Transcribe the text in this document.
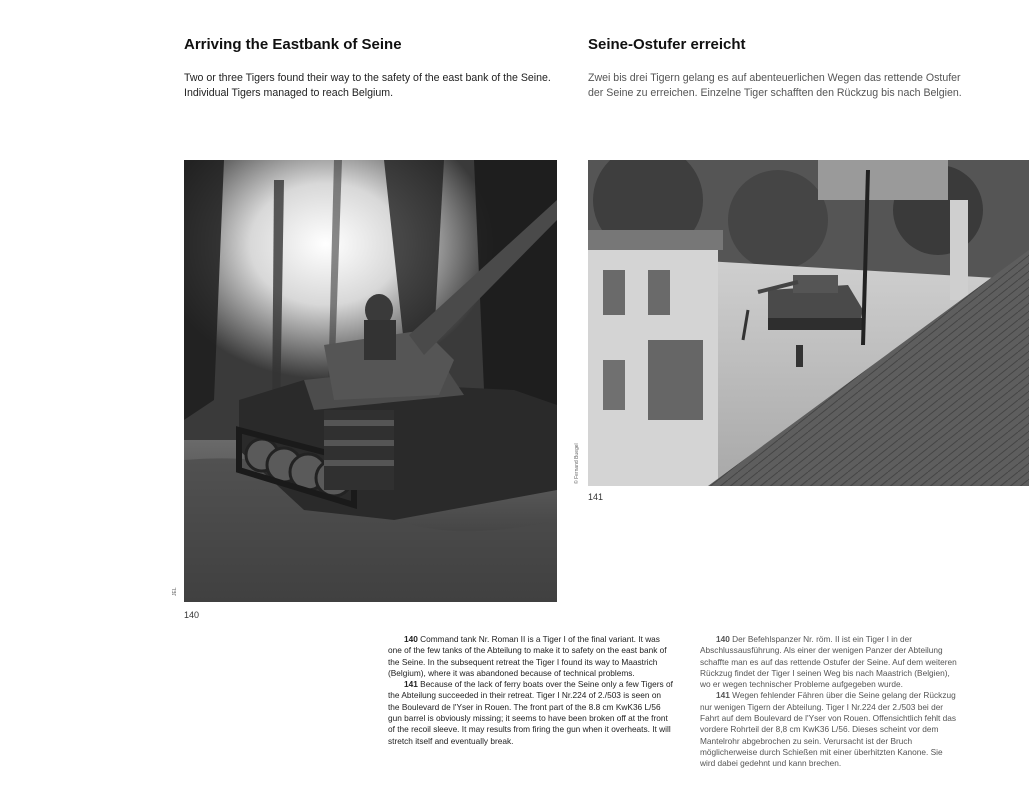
Arriving the Eastbank of Seine	Seine-Ostufer erreicht
Two or three Tigers found their way to the safety of the east bank of the Seine. Individual Tigers managed to reach Belgium.
Zwei bis drei Tigern gelang es auf abenteuerlichen Wegen das rettende Ostufer der Seine zu erreichen. Einzelne Tiger schafften den Rückzug bis nach Belgien.
140
JEL
141
© Fernand Buegel

140 Command tank Nr. Roman II is a Tiger I of the final variant. It was one of the few tanks of the Abteilung to make it to safety on the east bank of the Seine. In the subsequent retreat the Tiger I found its way to Maastrich (Belgium), where it was abandoned because of technical problems.

141 Because of the lack of ferry boats over the Seine only a few Tigers of the Abteilung succeeded in their retreat. Tiger I Nr.224 of 2./503 is seen on the Boulevard de l'Yser in Rouen. The front part of the 8.8 cm KwK36 L/56 gun barrel is obviously missing; it seems to have been broken off at the front of the recoil sleeve. It may results from firing the gun when it overheats. It will stretch itself and eventually break.

140 Der Befehlspanzer Nr. röm. II ist ein Tiger I in der Abschlussausführung. Als einer der wenigen Panzer der Abteilung schaffte man es auf das rettende Ostufer der Seine. Auf dem weiteren Rückzug findet der Tiger I seinen Weg bis nach Maastrich (Belgien), wo er wegen technischer Probleme aufgegeben wurde.

141 Wegen fehlender Fähren über die Seine gelang der Rückzug nur wenigen Tigern der Abteilung. Tiger I Nr.224 der 2./503 bei der Fahrt auf dem Boulevard de l'Yser von Rouen. Offensichtlich fehlt das vordere Rohrteil der 8,8 cm KwK36 L/56. Dieses scheint vor dem Mantelrohr abgebrochen zu sein. Verursacht ist der Bruch möglicherweise durch Schießen mit einer überhitzten Kanone. Sie wird dabei gedehnt und kann brechen.
